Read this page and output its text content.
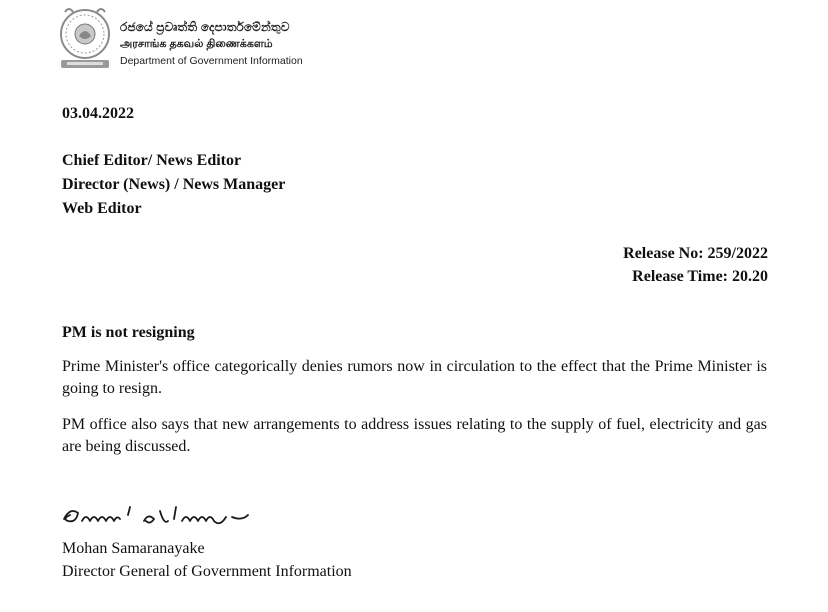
රජයේ ප්‍රවෘත්ති දෙපාර්තමේන්තුව
அரசாங்க தகவல் திணைக்களம்
Department of Government Information
03.04.2022
Chief Editor/ News Editor
Director (News) / News Manager
Web Editor
Release No: 259/2022
Release Time: 20.20
PM is not resigning
Prime Minister's office categorically denies rumors now in circulation to the effect that the Prime Minister is going to resign.
PM office also says that new arrangements to address issues relating to the supply of fuel, electricity and gas are being discussed.
Mohan Samaranayake
Director General of Government Information
